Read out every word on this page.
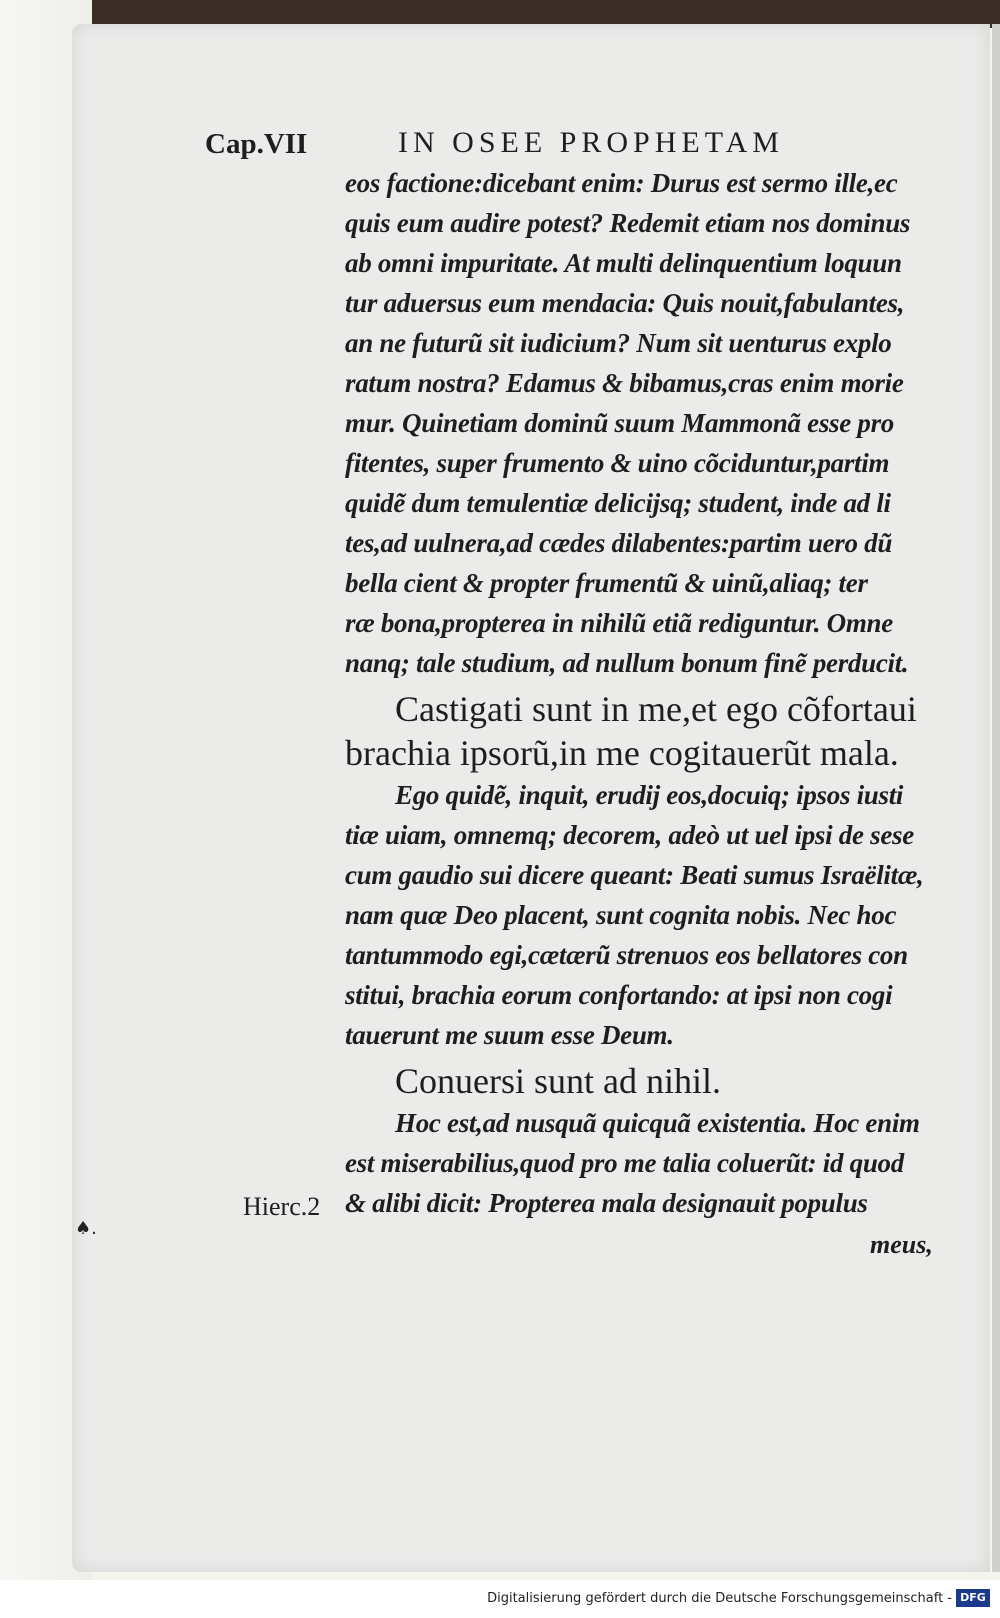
Cap.VII	IN OSEE PROPHETAM
eos factione:dicebant enim: Durus est sermo ille,ec
quis eum audire potest? Redemit etiam nos dominus
ab omni impuritate. At multi delinquentium loquun
tur aduersus eum mendacia: Quis nouit,fabulantes,
an ne futurũ sit iudicium? Num sit uenturus explo
ratum nostra? Edamus & bibamus,cras enim morie
mur. Quinetiam dominũ suum Mammonã esse pro
fitentes, super frumento & uino cõciduntur,partim
quidẽ dum temulentiæ delicijsq; student, inde ad li
tes,ad uulnera,ad cædes dilabentes:partim uero dũ
bella cient & propter frumentũ & uinũ,aliaq; ter
ræ bona,propterea in nihilũ etiã rediguntur. Omne
nanq; tale studium, ad nullum bonum finẽ perducit.
Castigati sunt in me,et ego cõfortaui
brachia ipsorũ,in me cogitauerũt mala.
Ego quidẽ, inquit, erudij eos,docuiq; ipsos iusti
tiæ uiam, omnemq; decorem, adeò ut uel ipsi de sese
cum gaudio sui dicere queant: Beati sumus Israëlitæ,
nam quæ Deo placent, sunt cognita nobis. Nec hoc
tantummodo egi,cætærũ strenuos eos bellatores con
stitui, brachia eorum confortando: at ipsi non cogi
tauerunt me suum esse Deum.
Conuersi sunt ad nihil.
Hoc est,ad nusquã quicquã existentia. Hoc enim
est miserabilius,quod pro me talia coluerũt: id quod
& alibi dicit: Propterea mala designauit populus
Hierc.2
meus,
♠.
Digitalisierung gefördert durch die Deutsche Forschungsgemeinschaft - DFG
